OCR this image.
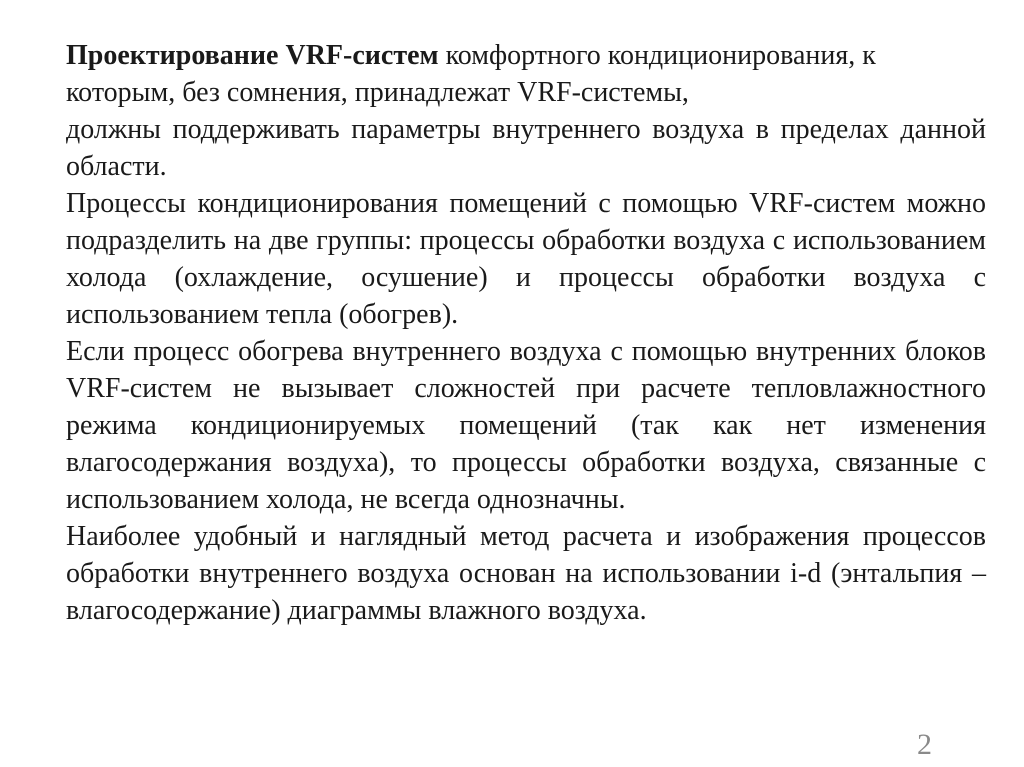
Проектирование VRF-систем комфортного кондиционирования, к
которым, без сомнения, принадлежат VRF-системы,
должны поддерживать параметры внутреннего воздуха в пределах данной области.

Процессы кондиционирования помещений с помощью VRF-систем можно подразделить на две группы: процессы обработки воздуха с использованием холода (охлаждение, осушение) и процессы обработки воздуха с использованием тепла (обогрев).

Если процесс обогрева внутреннего воздуха с помощью внутренних блоков VRF-систем не вызывает сложностей при расчете тепловлажностного режима кондиционируемых помещений (так как нет изменения влагосодержания воздуха), то процессы обработки воздуха, связанные с использованием холода, не всегда однозначны.

Наиболее удобный и наглядный метод расчета и изображения процессов обработки внутреннего воздуха основан на использовании i-d (энтальпия – влагосодержание) диаграммы влажного воздуха.

2
